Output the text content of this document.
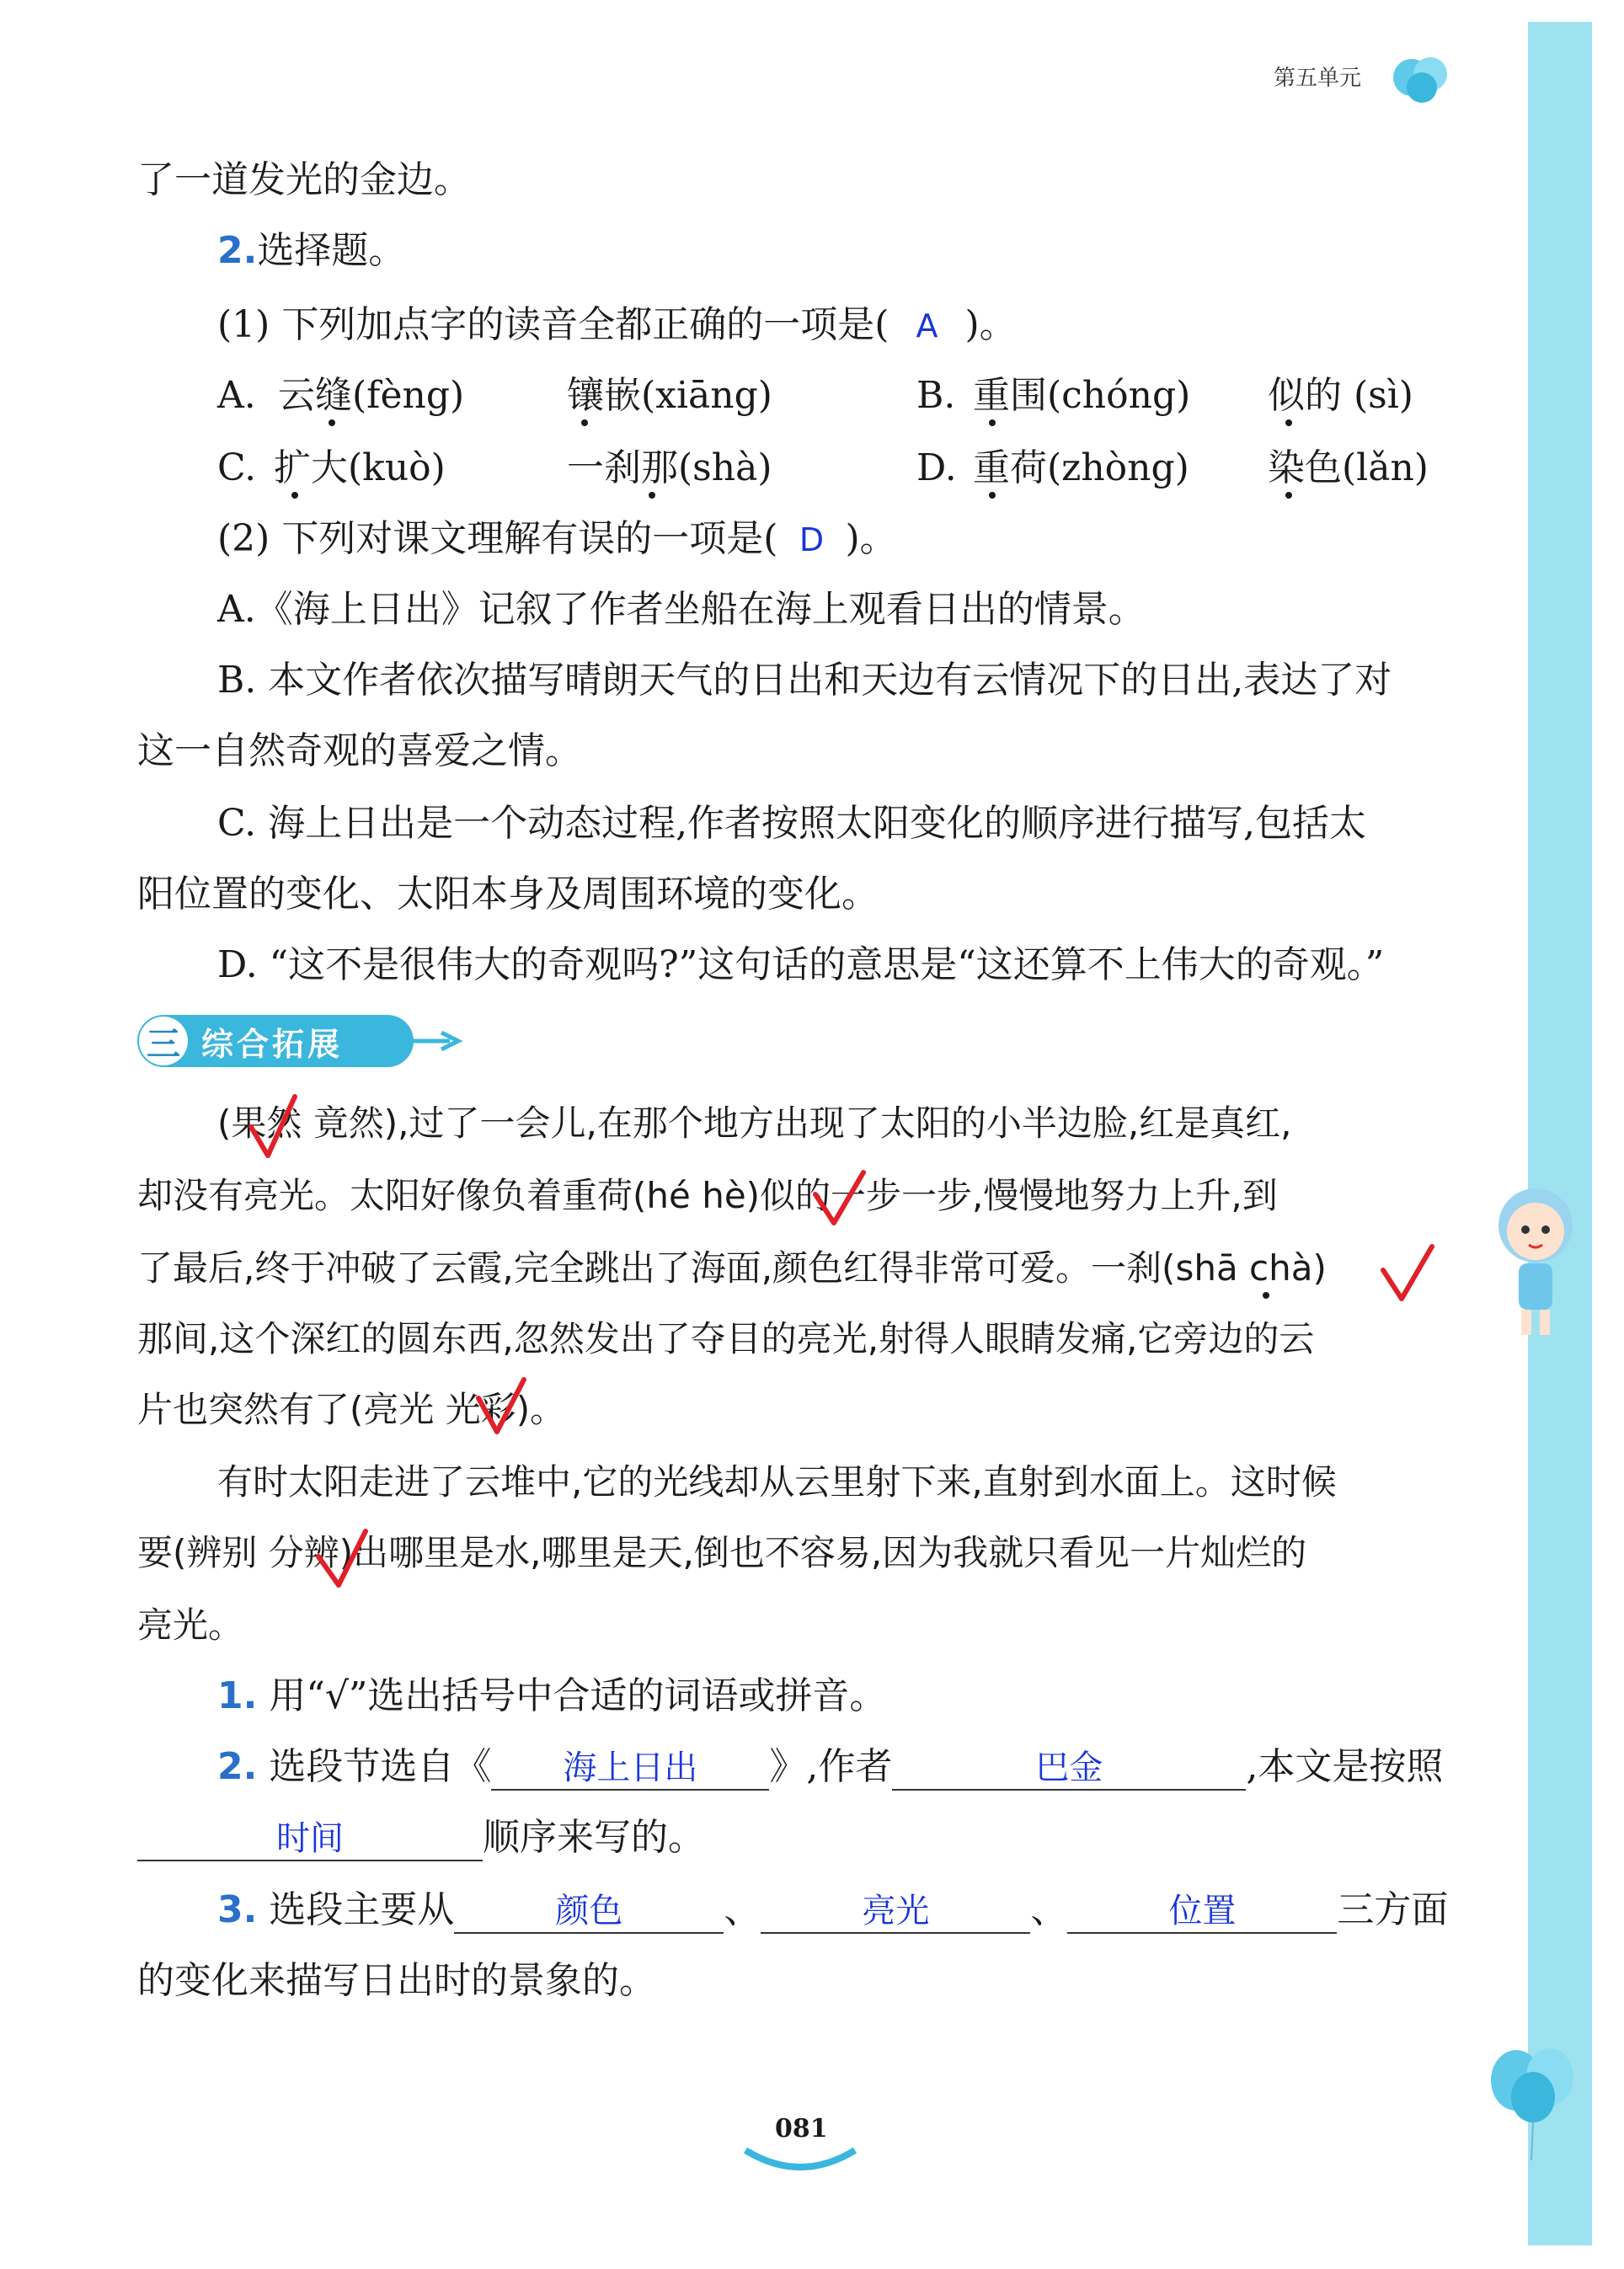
第五单元
了一道发光的金边。
2.选择题。
(1) 下列加点字的读音全都正确的一项是( A )。
A. 云缝(fèng)	镶嵌(xiāng)	B. 重围(chóng) 似的 (sì)
C. 扩大(kuò)	一刹那(shà)	D. 重荷(zhòng) 染色(lǎn)
(2) 下列对课文理解有误的一项是( D )。
A.《海上日出》记叙了作者坐船在海上观看日出的情景。
B. 本文作者依次描写晴朗天气的日出和天边有云情况下的日出,表达了对
这一自然奇观的喜爱之情。
C. 海上日出是一个动态过程,作者按照太阳变化的顺序进行描写,包括太
阳位置的变化、太阳本身及周围环境的变化。
D. “这不是很伟大的奇观吗?”这句话的意思是“这还算不上伟大的奇观。”
三 综合拓展
(果然 竟然),过了一会儿,在那个地方出现了太阳的小半边脸,红是真红,
却没有亮光。太阳好像负着重荷(hé hè)似的一步一步,慢慢地努力上升,到
了最后,终于冲破了云霞,完全跳出了海面,颜色红得非常可爱。一刹(shā chà)
那间,这个深红的圆东西,忽然发出了夺目的亮光,射得人眼睛发痛,它旁边的云
片也突然有了(亮光 光彩)。
有时太阳走进了云堆中,它的光线却从云里射下来,直射到水面上。这时候
要(辨别 分辨)出哪里是水,哪里是天,倒也不容易,因为我就只看见一片灿烂的
亮光。
1. 用“√”选出括号中合适的词语或拼音。
2. 选段节选自《 海上日出 》,作者	巴金	,本文是按照
时间	顺序来写的。
3. 选段主要从	颜色	、	亮光	、	位置	三方面
的变化来描写日出时的景象的。
081
